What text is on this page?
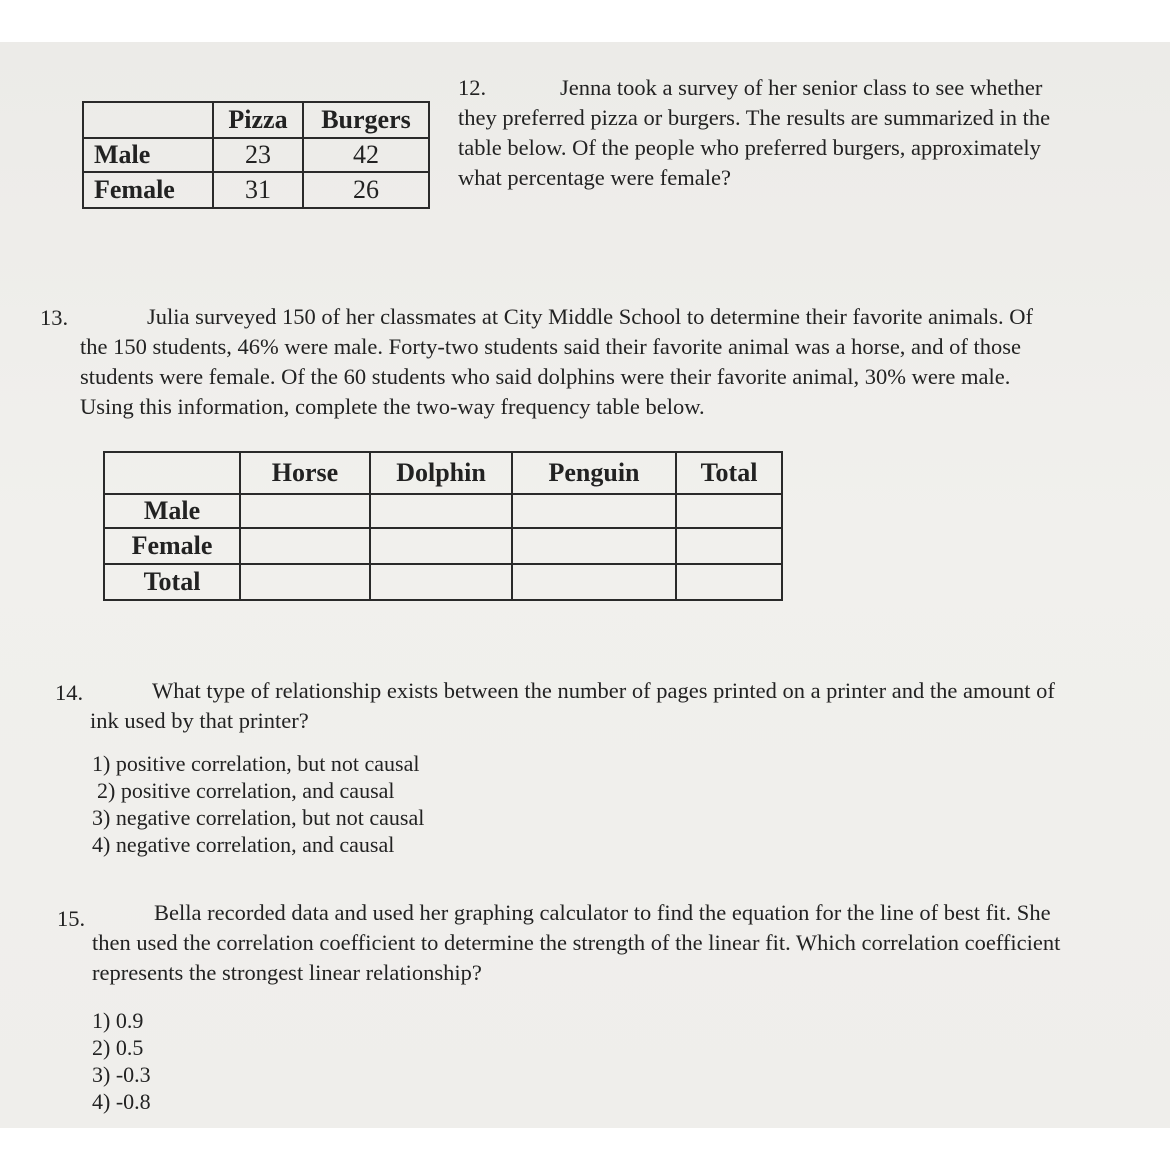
	Pizza	Burgers
Male	23	42
Female	31	26
12.	Jenna took a survey of her senior class to see whether
they preferred pizza or burgers. The results are summarized in the
table below. Of the people who preferred burgers, approximately
what percentage were female?
13.	Julia surveyed 150 of her classmates at City Middle School to determine their favorite animals. Of
the 150 students, 46% were male. Forty-two students said their favorite animal was a horse, and of those
students were female. Of the 60 students who said dolphins were their favorite animal, 30% were male.
Using this information, complete the two-way frequency table below.
	Horse	Dolphin	Penguin	Total
Male				
Female				
Total				
14.	What type of relationship exists between the number of pages printed on a printer and the amount of
ink used by that printer?
1) positive correlation, but not causal
2) positive correlation, and causal
3) negative correlation, but not causal
4) negative correlation, and causal
15.	Bella recorded data and used her graphing calculator to find the equation for the line of best fit. She
then used the correlation coefficient to determine the strength of the linear fit. Which correlation coefficient
represents the strongest linear relationship?
1) 0.9
2) 0.5
3) -0.3
4) -0.8
